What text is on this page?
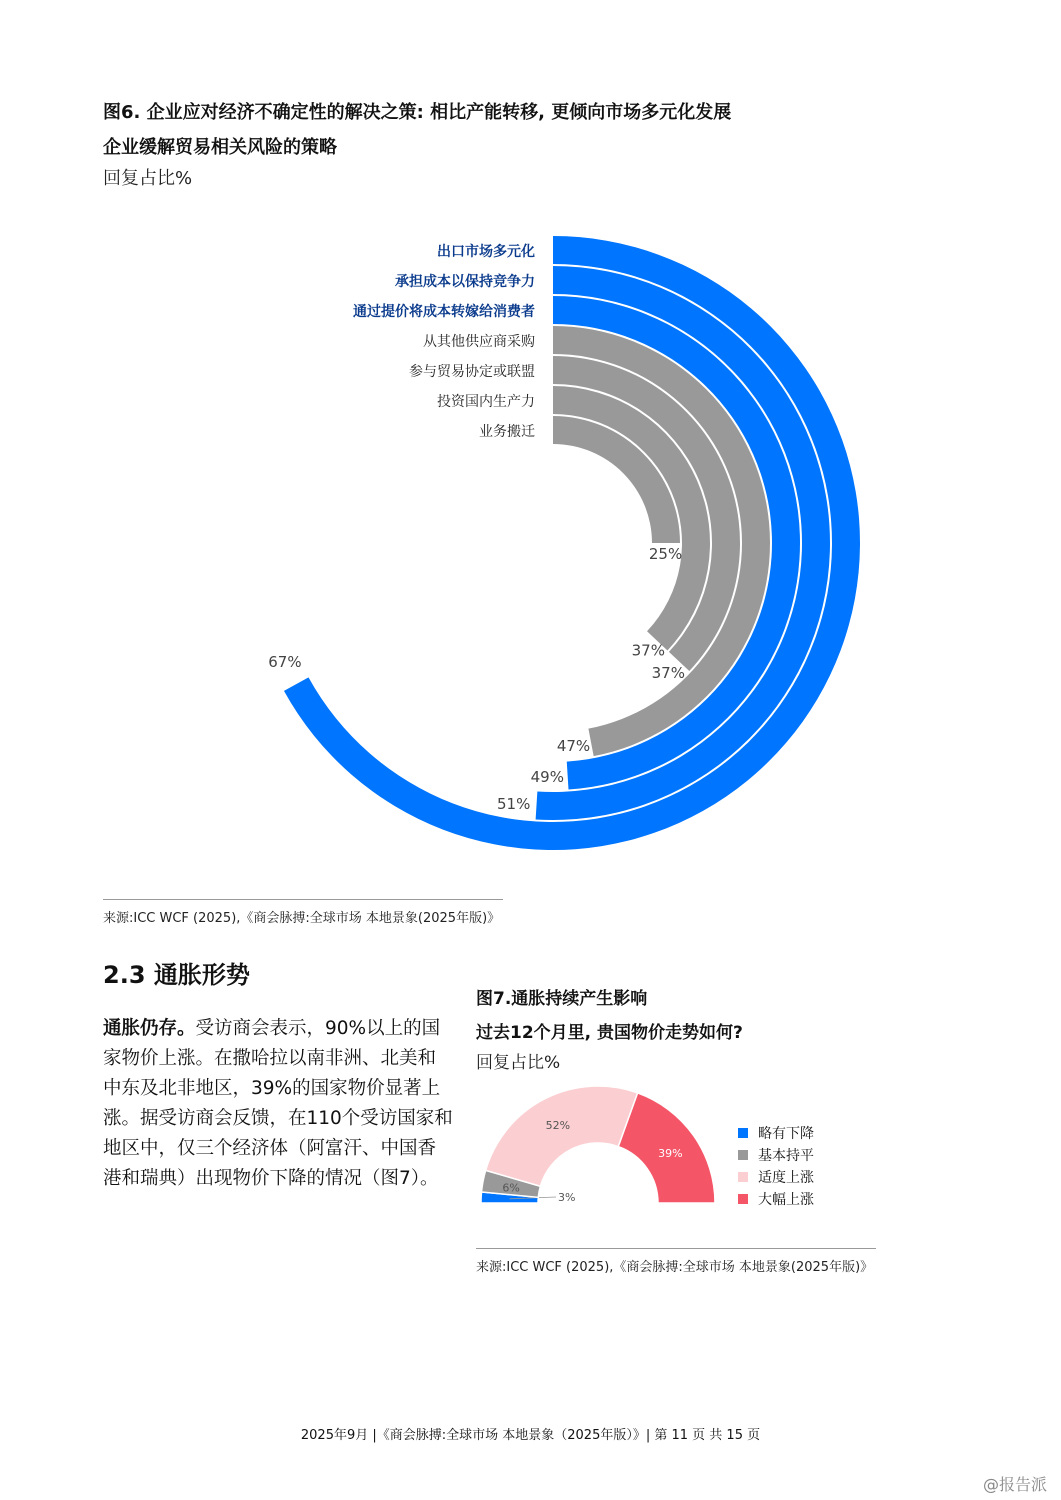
图6. 企业应对经济不确定性的解决之策: 相比产能转移, 更倾向市场多元化发展
企业缓解贸易相关风险的策略
回复占比%
出口市场多元化
67%
承担成本以保持竞争力
51%
通过提价将成本转嫁给消费者
49%
从其他供应商采购
47%
参与贸易协定或联盟
37%
投资国内生产力
37%
业务搬迁
25%
来源:ICC WCF (2025),《商会脉搏:全球市场 本地景象(2025年版)》
2.3 通胀形势
通胀仍存。受访商会表示，90%以上的国家物价上涨。在撒哈拉以南非洲、北美和中东及北非地区，39%的国家物价显著上涨。据受访商会反馈，在110个受访国家和地区中，仅三个经济体（阿富汗、中国香港和瑞典）出现物价下降的情况（图7）。
图7.通胀持续产生影响
过去12个月里, 贵国物价走势如何?
回复占比%
3%
6%
52%
39%
略有下降
基本持平
适度上涨
大幅上涨
来源:ICC WCF (2025),《商会脉搏:全球市场 本地景象(2025年版)》
2025年9月 |《商会脉搏:全球市场 本地景象（2025年版）》| 第 11 页 共 15 页
@报告派
